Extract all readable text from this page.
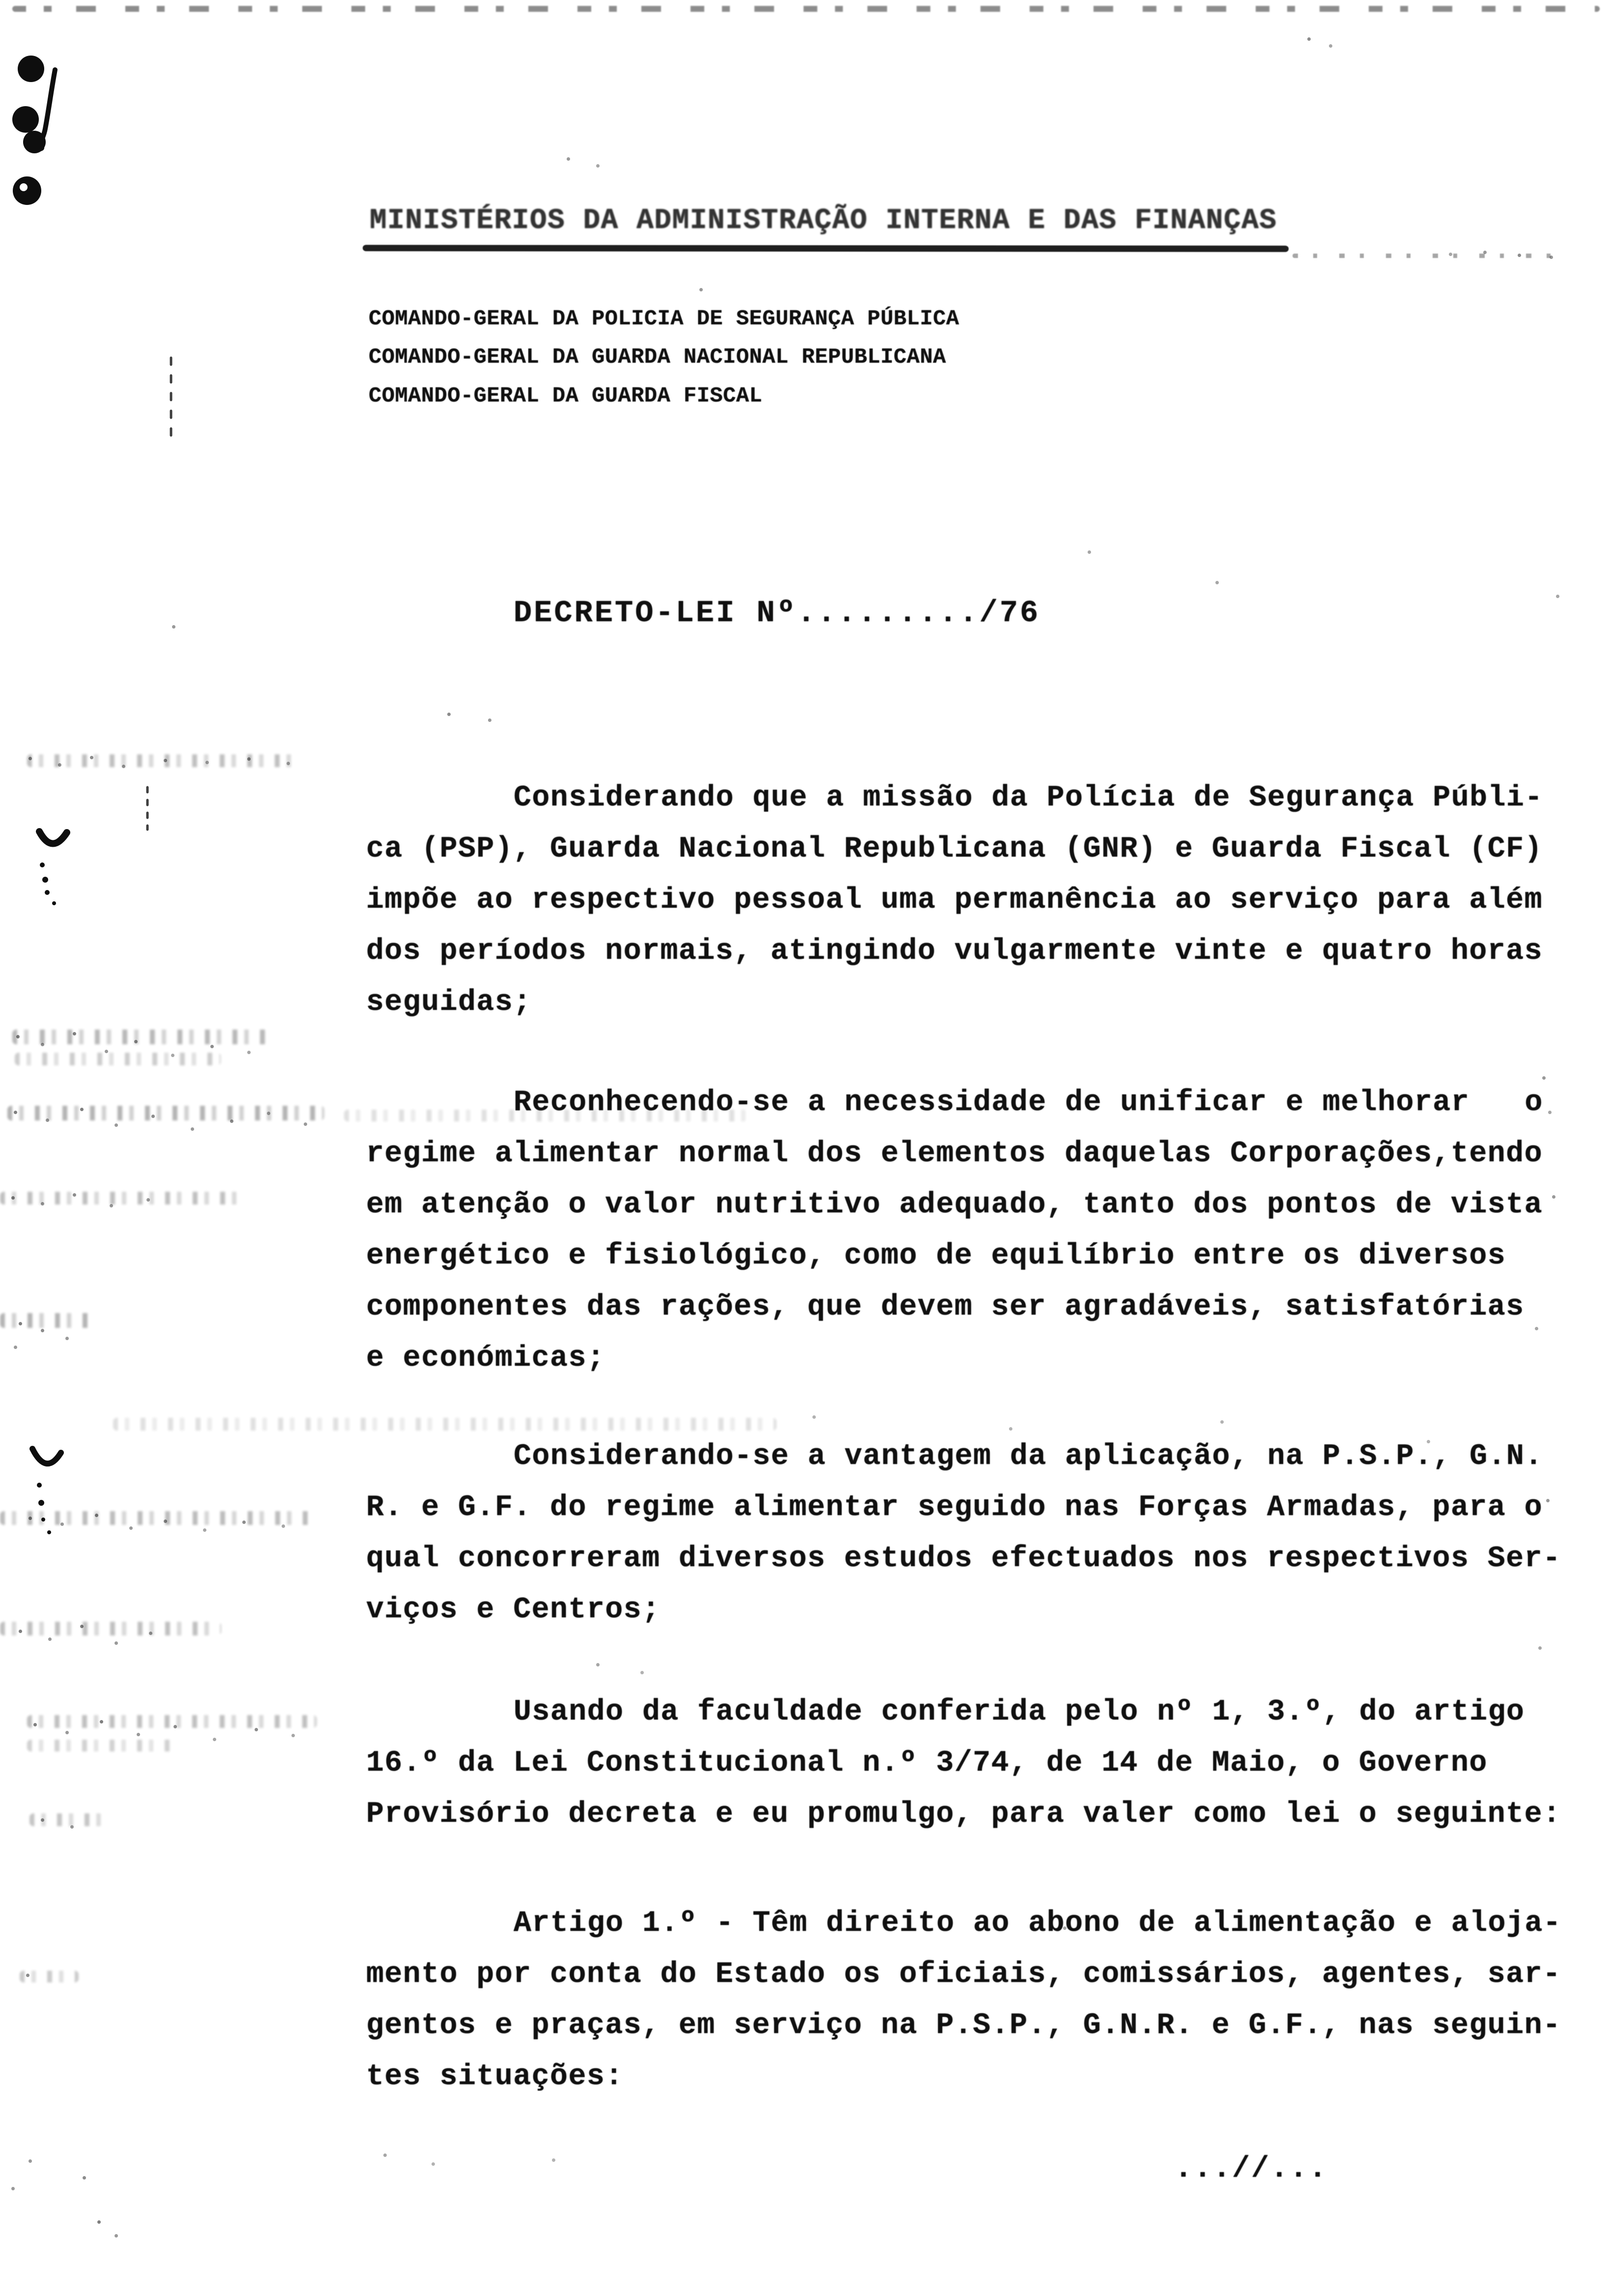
MINISTÉRIOS DA ADMINISTRAÇÃO INTERNA E DAS FINANÇAS
COMANDO-GERAL DA POLICIA DE SEGURANÇA PÚBLICA
COMANDO-GERAL DA GUARDA NACIONAL REPUBLICANA
COMANDO-GERAL DA GUARDA FISCAL
DECRETO-LEI Nº........./76
Considerando que a missão da Polícia de Segurança Públi-
ca (PSP), Guarda Nacional Republicana (GNR) e Guarda Fiscal (CF)
impõe ao respectivo pessoal uma permanência ao serviço para além
dos períodos normais, atingindo vulgarmente vinte e quatro horas
seguidas;
Reconhecendo-se a necessidade de unificar e melhorar   o
regime alimentar normal dos elementos daquelas Corporações,tendo
em atenção o valor nutritivo adequado, tanto dos pontos de vista
energético e fisiológico, como de equilíbrio entre os diversos
componentes das rações, que devem ser agradáveis, satisfatórias
e económicas;
Considerando-se a vantagem da aplicação, na P.S.P., G.N.
R. e G.F. do regime alimentar seguido nas Forças Armadas, para o
qual concorreram diversos estudos efectuados nos respectivos Ser-
viços e Centros;
Usando da faculdade conferida pelo nº 1, 3.º, do artigo
16.º da Lei Constitucional n.º 3/74, de 14 de Maio, o Governo
Provisório decreta e eu promulgo, para valer como lei o seguinte:
Artigo 1.º - Têm direito ao abono de alimentação e aloja-
mento por conta do Estado os oficiais, comissários, agentes, sar-
gentos e praças, em serviço na P.S.P., G.N.R. e G.F., nas seguin-
tes situações:
...//...
